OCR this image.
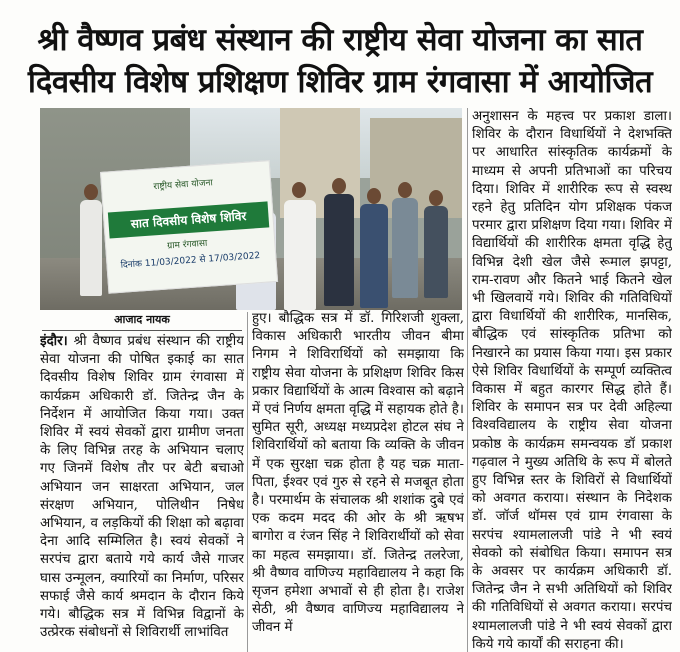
श्री वैष्णव प्रबंध संस्थान की राष्ट्रीय सेवा योजना का सात
दिवसीय विशेष प्रशिक्षण शिविर ग्राम रंगवासा में आयोजित
राष्ट्रीय सेवा योजना
सात दिवसीय विशेष शिविर
ग्राम रंगवासा
दिनांक 11/03/2022 से 17/03/2022
आजाद नायक
इंदौर। श्री वैष्णव प्रबंध संस्थान की राष्ट्रीय सेवा योजना की पोषित इकाई का सात दिवसीय विशेष शिविर ग्राम रंगवासा में कार्यक्रम अधिकारी डॉ. जितेन्द्र जैन के निर्देशन में आयोजित किया गया। उक्त शिविर में स्वयं सेवकों द्वारा ग्रामीण जनता के लिए विभिन्न तरह के अभियान चलाए गए जिनमें विशेष तौर पर बेटी बचाओ अभियान जन साक्षरता अभियान, जल संरक्षण अभियान, पोलिथीन निषेध अभियान, व लड़कियों की शिक्षा को बढ़ावा देना आदि सम्मिलित है। स्वयं सेवकों ने सरपंच द्वारा बताये गये कार्य जैसे गाजर घास उन्मूलन, क्यारियों का निर्माण, परिसर सफाई जैसे कार्य श्रमदान के दौरान किये गये। बौद्धिक सत्र में विभिन्न विद्वानों के उत्प्रेरक संबोधनों से शिविरार्थी लाभांवित
हुए। बौद्धिक सत्र में डॉ. गिरिशजी शुक्ला, विकास अधिकारी भारतीय जीवन बीमा निगम ने शिविरार्थियों को समझाया कि राष्ट्रीय सेवा योजना के प्रशिक्षण शिविर किस प्रकार विद्यार्थियों के आत्म विश्वास को बढ़ाने में एवं निर्णय क्षमता वृद्धि में सहायक होते है। सुमित सूरी, अध्यक्ष मध्यप्रदेश होटल संघ ने शिविरार्थियों को बताया कि व्यक्ति के जीवन में एक सुरक्षा चक्र होता है यह चक्र माता-पिता, ईश्वर एवं गुरु से रहने से मजबूत होता है। परमार्थम के संचालक श्री शशांक दुबे एवं एक कदम मदद की ओर के श्री ऋषभ बागोरा व रंजन सिंह ने शिविरार्थीयों को सेवा का महत्व समझाया। डॉ. जितेन्द्र तलरेजा, श्री वैष्णव वाणिज्य महाविद्यालय ने कहा कि सृजन हमेशा अभावों से ही होता है। राजेश सेठी, श्री वैष्णव वाणिज्य महाविद्यालय ने जीवन में
अनुशासन के महत्त्व पर प्रकाश डाला। शिविर के दौरान विधार्थियों ने देशभक्ति पर आधारित सांस्कृतिक कार्यक्रमों के माध्यम से अपनी प्रतिभाओं का परिचय दिया। शिविर में शारीरिक रूप से स्वस्थ रहने हेतु प्रतिदिन योग प्रशिक्षक पंकज परमार द्वारा प्रशिक्षण दिया गया। शिविर में विद्यार्थियों की शारीरिक क्षमता वृद्धि हेतु विभिन्न देशी खेल जैसे रूमाल झपट्टा, राम-रावण और कितने भाई कितने खेल भी खिलवायें गये। शिविर की गतिविधियों द्वारा विधार्थियों की शारीरिक, मानसिक, बौद्धिक एवं सांस्कृतिक प्रतिभा को निखारने का प्रयास किया गया। इस प्रकार ऐसे शिविर विधार्थियों के सम्पूर्ण व्यक्तित्व विकास में बहुत कारगर सिद्ध होते हैं। शिविर के समापन सत्र पर देवी अहिल्या विश्वविद्यालय के राष्ट्रीय सेवा योजना प्रकोष्ठ के कार्यक्रम समन्वयक डॉ प्रकाश गढ़वाल ने मुख्य अतिथि के रूप में बोलते हुए विभिन्न स्तर के शिविरों से विधार्थियों को अवगत कराया। संस्थान के निदेशक डॉ. जॉर्ज थॉमस एवं ग्राम रंगवासा के सरपंच श्यामलालजी पांडे ने भी स्वयं सेवको को संबोधित किया। समापन सत्र के अवसर पर कार्यक्रम अधिकारी डॉ. जितेन्द्र जैन ने सभी अतिथियों को शिविर की गतिविधियों से अवगत कराया। सरपंच श्यामलालजी पांडे ने भी स्वयं सेवकों द्वारा किये गये कार्यों की सराहना की।
